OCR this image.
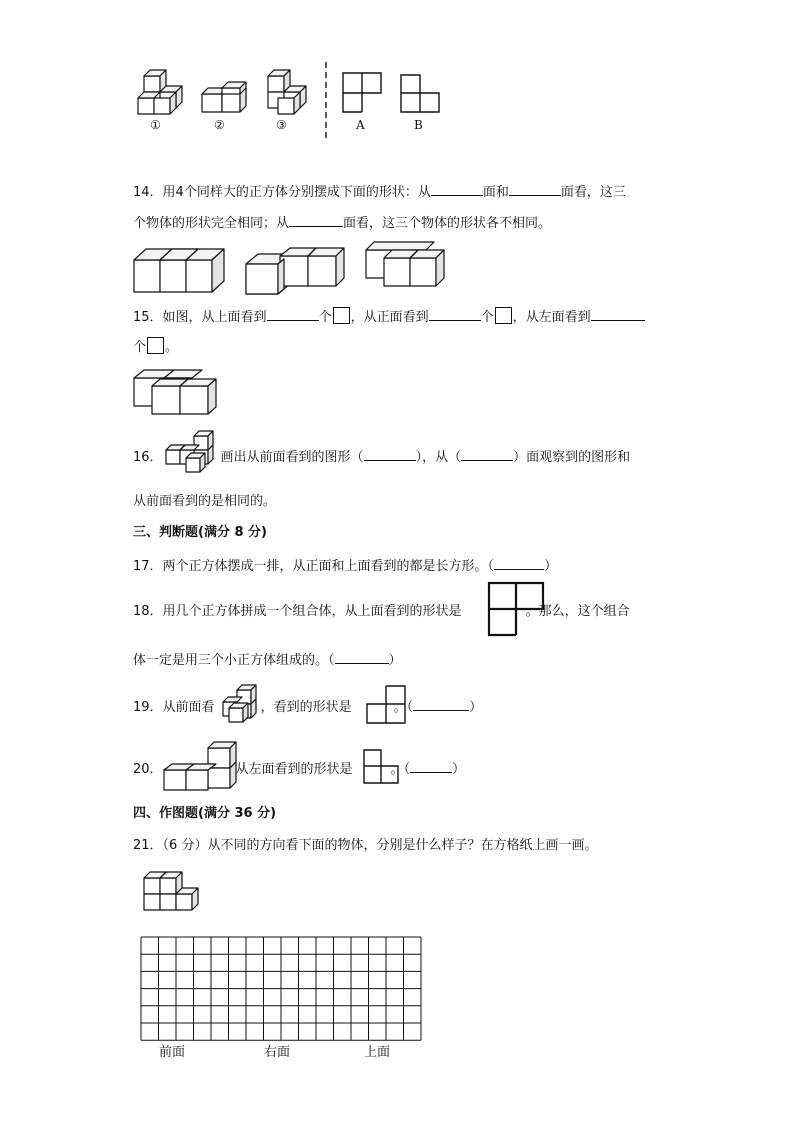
①	②	③	A	B
14．用4个同样大的正方体分别摆成下面的形状：从	面和	面看，这三
个物体的形状完全相同；从	面看，这三个物体的形状各不相同。
15．如图，从上面看到	个 ，从正面看到	个 ，从左面看到
个 。
16．	画出从前面看到的图形（	），从（	）面观察到的图形和
从前面看到的是相同的。
三、判断题(满分 8 分)
17．两个正方体摆成一排，从正面和上面看到的都是长方形。（	）
18．用几个正方体拼成一个组合体，从上面看到的形状是	。那么，这个组合
体一定是用三个小正方体组成的。（	）
19．从前面看	，看到的形状是	。（	）
20．	从左面看到的形状是	。（	）
四、作图题(满分 36 分)
21．（6 分）从不同的方向看下面的物体，分别是什么样子？在方格纸上画一画。
前面	右面	上面
